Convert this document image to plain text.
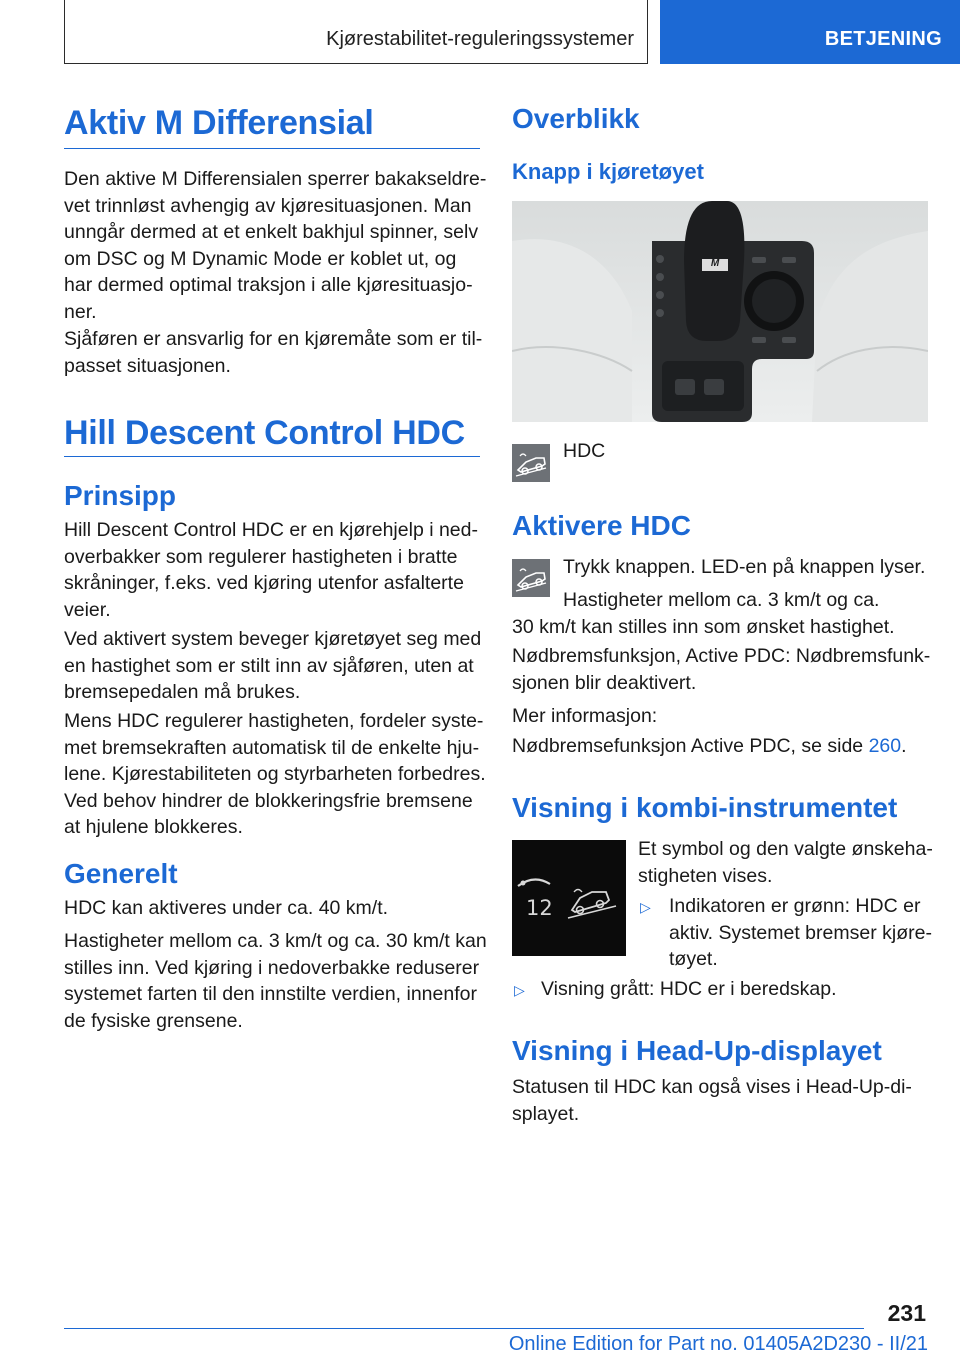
Kjørestabilitet-reguleringssystemer	BETJENING
Aktiv M Differensial
Den aktive M Differensialen sperrer bakakseldre-
vet trinnløst avhengig av kjøresituasjonen. Man
unngår dermed at et enkelt bakhjul spinner, selv
om DSC og M Dynamic Mode er koblet ut, og
har dermed optimal traksjon i alle kjøresituasjo-
ner.
Sjåføren er ansvarlig for en kjøremåte som er til-
passet situasjonen.
Hill Descent Control HDC
Prinsipp
Hill Descent Control HDC er en kjørehjelp i ned-
overbakker som regulerer hastigheten i bratte
skråninger, f.eks. ved kjøring utenfor asfalterte
veier.
Ved aktivert system beveger kjøretøyet seg med
en hastighet som er stilt inn av sjåføren, uten at
bremsepedalen må brukes.
Mens HDC regulerer hastigheten, fordeler syste-
met bremsekraften automatisk til de enkelte hju-
lene. Kjørestabiliteten og styrbarheten forbedres.
Ved behov hindrer de blokkeringsfrie bremsene
at hjulene blokkeres.
Generelt
HDC kan aktiveres under ca. 40 km/t.
Hastigheter mellom ca. 3 km/t og ca. 30 km/t kan
stilles inn. Ved kjøring i nedoverbakke reduserer
systemet farten til den innstilte verdien, innenfor
de fysiske grensene.
Overblikk
Knapp i kjøretøyet
M
HDC
Aktivere HDC
Trykk knappen. LED-en på knappen lyser.
Hastigheter mellom ca. 3 km/t og ca.
30 km/t kan stilles inn som ønsket hastighet.
Nødbremsfunksjon, Active PDC: Nødbremsfunk-
sjonen blir deaktivert.
Mer informasjon:
Nødbremsefunksjon Active PDC, se side 260.
Visning i kombi-instrumentet
12
Et symbol og den valgte ønskeha-
stigheten vises.
▷ Indikatoren er grønn: HDC er
aktiv. Systemet bremser kjøre-
tøyet.
▷ Visning grått: HDC er i beredskap.
Visning i Head-Up-displayet
Statusen til HDC kan også vises i Head-Up-di-
splayet.
231
Online Edition for Part no. 01405A2D230 - II/21
